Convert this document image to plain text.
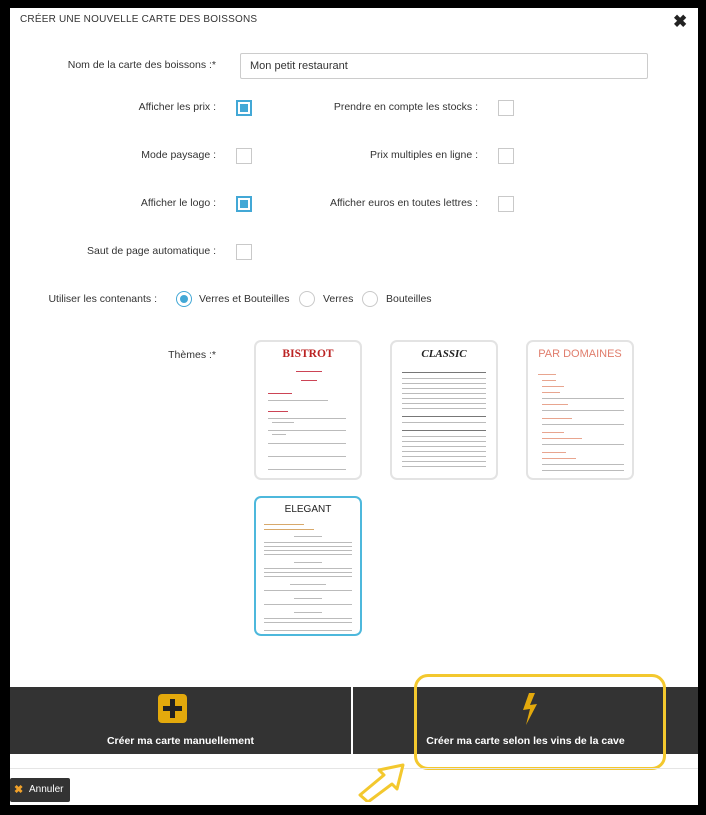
CRÉER UNE NOUVELLE CARTE DES BOISSONS	✖
Nom de la carte des boissons :*
Mon petit restaurant
Afficher les prix :	Prendre en compte les stocks :
Mode paysage :	Prix multiples en ligne :
Afficher le logo :	Afficher euros en toutes lettres :
Saut de page automatique :
Utiliser les contenants :	Verres et Bouteilles	Verres	Bouteilles
Thèmes :*	BISTROT	CLASSIC	PAR DOMAINES
ELEGANT
Créer ma carte manuellement	Créer ma carte selon les vins de la cave
✖ Annuler
